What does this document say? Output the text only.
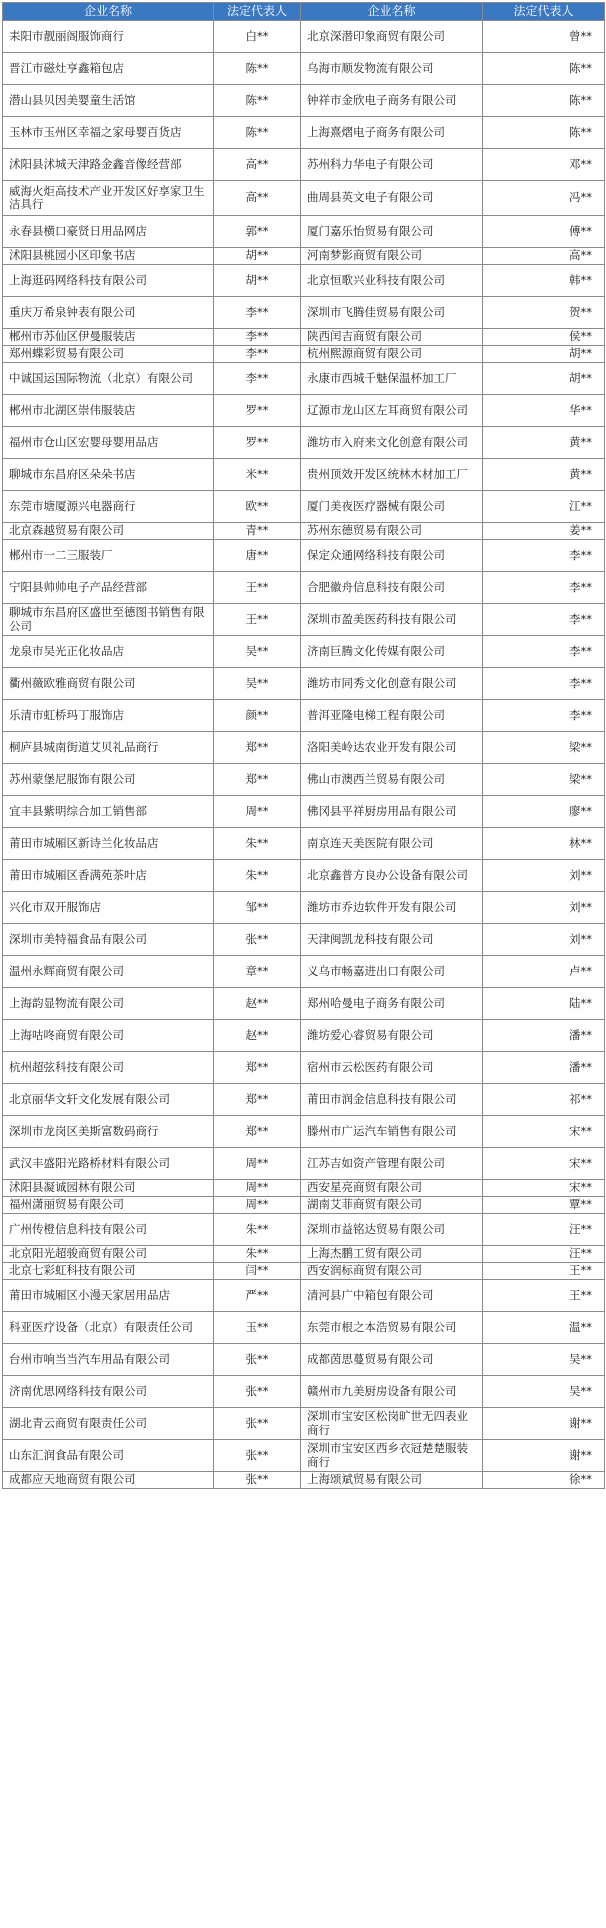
企业名称	法定代表人	企业名称	法定代表人
耒阳市靓丽阁服饰商行	白**	北京深潜印象商贸有限公司	曾**
晋江市磁灶亨鑫箱包店	陈**	乌海市顺发物流有限公司	陈**
潜山县贝因美婴童生活馆	陈**	钟祥市金欣电子商务有限公司	陈**
玉林市玉州区幸福之家母婴百货店	陈**	上海熹熠电子商务有限公司	陈**
沭阳县沭城天津路金鑫音像经营部	高**	苏州科力华电子有限公司	邓**
威海火炬高技术产业开发区好享家卫生洁具行	高**	曲周县英文电子有限公司	冯**
永春县横口豪贤日用品网店	郭**	厦门嘉乐怡贸易有限公司	傅**
沭阳县桃园小区印象书店	胡**	河南梦影商贸有限公司	高**
上海逛码网络科技有限公司	胡**	北京恒歌兴业科技有限公司	韩**
重庆万希泉钟表有限公司	李**	深圳市飞腾佳贸易有限公司	贺**
郴州市苏仙区伊曼服装店	李**	陕西闰吉商贸有限公司	侯**
郑州蝶彩贸易有限公司	李**	杭州熙源商贸有限公司	胡**
中诚国运国际物流（北京）有限公司	李**	永康市西城千魅保温杯加工厂	胡**
郴州市北湖区崇伟服装店	罗**	辽源市龙山区左耳商贸有限公司	华**
福州市仓山区宏婴母婴用品店	罗**	潍坊市入府来文化创意有限公司	黄**
聊城市东昌府区朵朵书店	米**	贵州顶效开发区统林木材加工厂	黄**
东莞市塘厦源兴电器商行	欧**	厦门美夜医疗器械有限公司	江**
北京森越贸易有限公司	青**	苏州东德贸易有限公司	姜**
郴州市一二三服装厂	唐**	保定众通网络科技有限公司	李**
宁阳县帅帅电子产品经营部	王**	合肥徽舟信息科技有限公司	李**
聊城市东昌府区盛世至德图书销售有限公司	王**	深圳市盈美医药科技有限公司	李**
龙泉市吴光正化妆品店	吴**	济南巨腾文化传媒有限公司	李**
衢州薇欧雅商贸有限公司	吴**	潍坊市同秀文化创意有限公司	李**
乐清市虹桥玛丁服饰店	颜**	普洱亚隆电梯工程有限公司	李**
桐庐县城南街道艾贝礼品商行	郑**	洛阳美岭达农业开发有限公司	梁**
苏州蒙堡尼服饰有限公司	郑**	佛山市澳西兰贸易有限公司	梁**
宜丰县紫明综合加工销售部	周**	佛冈县平祥厨房用品有限公司	廖**
莆田市城厢区新诗兰化妆品店	朱**	南京连天美医院有限公司	林**
莆田市城厢区香满苑茶叶店	朱**	北京鑫普方良办公设备有限公司	刘**
兴化市双开服饰店	邹**	潍坊市乔边软件开发有限公司	刘**
深圳市美特福食品有限公司	张**	天津闽凯龙科技有限公司	刘**
温州永辉商贸有限公司	章**	义乌市畅嘉进出口有限公司	卢**
上海韵显物流有限公司	赵**	郑州哈曼电子商务有限公司	陆**
上海咕咚商贸有限公司	赵**	潍坊爱心睿贸易有限公司	潘**
杭州超弦科技有限公司	郑**	宿州市云松医药有限公司	潘**
北京丽华文轩文化发展有限公司	郑**	莆田市润金信息科技有限公司	祁**
深圳市龙岗区美斯富数码商行	郑**	滕州市广运汽车销售有限公司	宋**
武汉丰盛阳光路桥材料有限公司	周**	江苏吉如资产管理有限公司	宋**
沭阳县凝诚园林有限公司	周**	西安星亮商贸有限公司	宋**
福州潇丽贸易有限公司	周**	湖南艾菲商贸有限公司	覃**
广州传橙信息科技有限公司	朱**	深圳市益铭达贸易有限公司	汪**
北京阳光超骏商贸有限公司	朱**	上海杰鹏工贸有限公司	汪**
北京七彩虹科技有限公司	闫**	西安润标商贸有限公司	王**
莆田市城厢区小漫天家居用品店	严**	清河县广中箱包有限公司	王**
科亚医疗设备（北京）有限责任公司	玉**	东莞市根之本浩贸易有限公司	温**
台州市响当当汽车用品有限公司	张**	成都茵思蔓贸易有限公司	吴**
济南优思网络科技有限公司	张**	赣州市九美厨房设备有限公司	吴**
湖北青云商贸有限责任公司	张**	深圳市宝安区松岗旷世无四表业商行	谢**
山东汇润食品有限公司	张**	深圳市宝安区西乡衣冠楚楚服装商行	谢**
成都应天地商贸有限公司	张**	上海颂斌贸易有限公司	徐**
